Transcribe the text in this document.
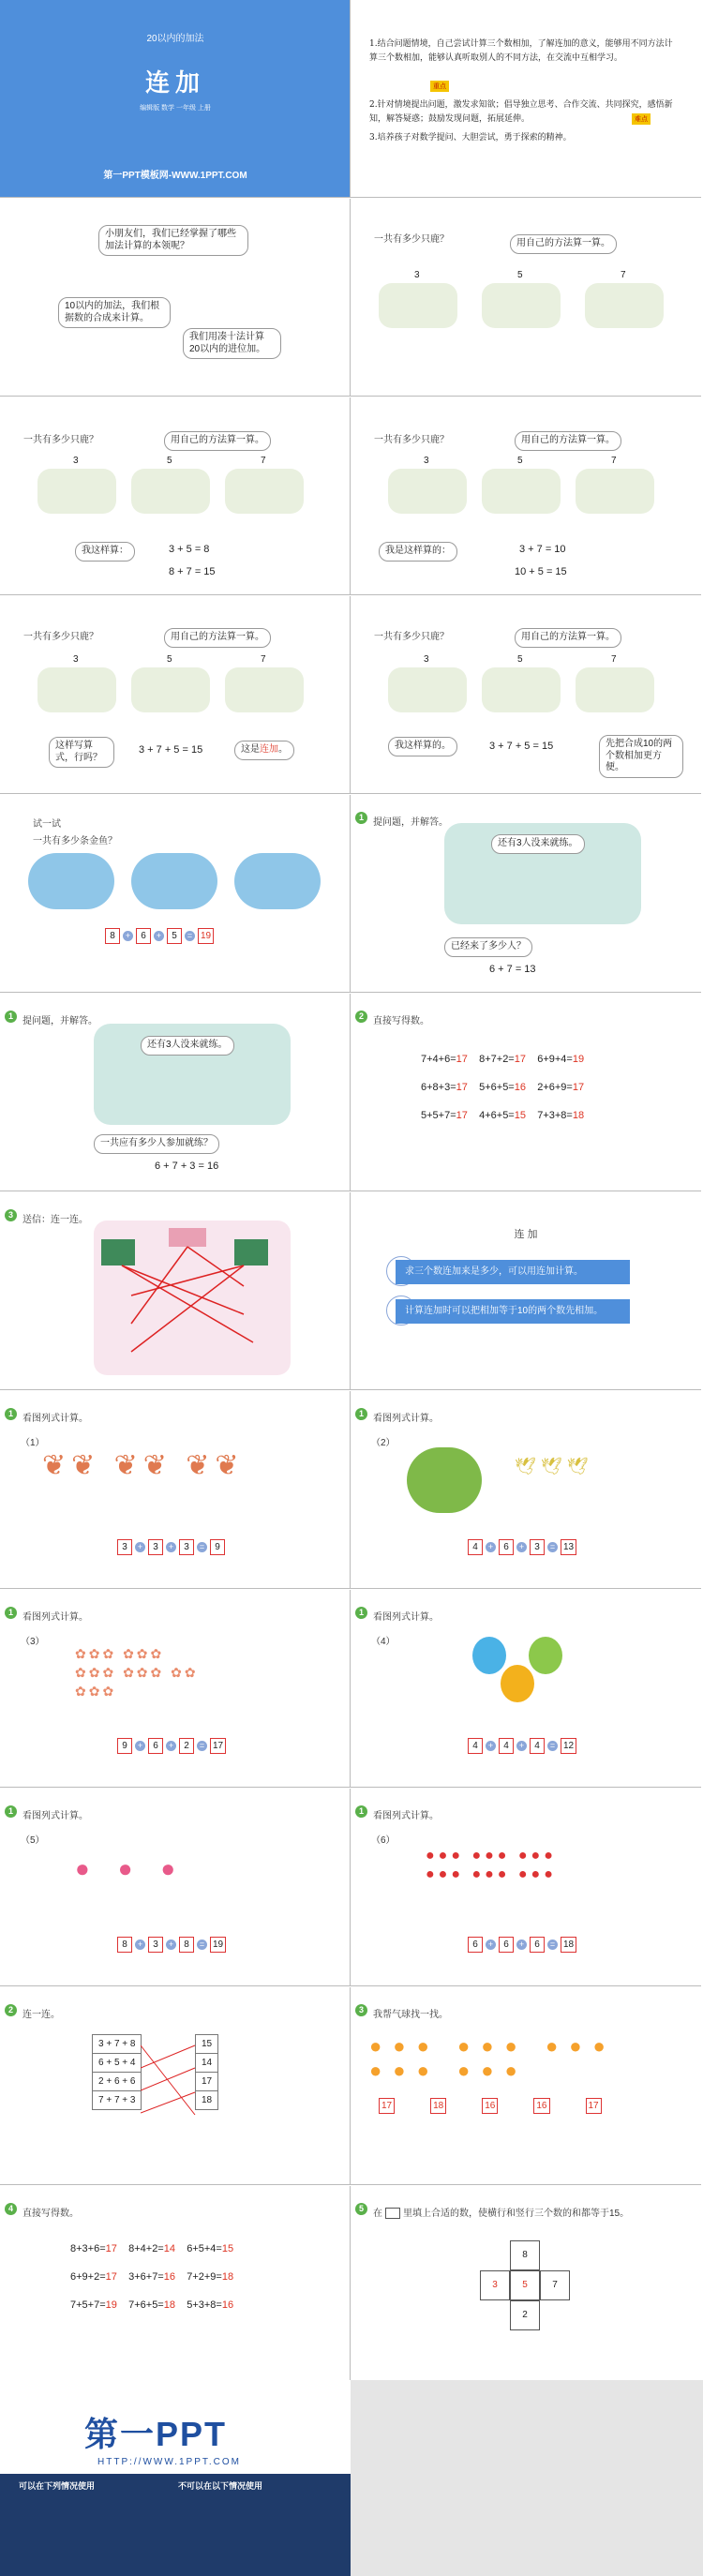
20以内的加法
连加
编辑版 数学 一年级 上册
第一PPT模板网-WWW.1PPT.COM
1.结合问题情境，自己尝试计算三个数相加，了解连加的意义，能够用不同方法计算三个数相加，能够认真听取别人的不同方法，在交流中互相学习。
2.针对情境提出问题，激发求知欲；倡导独立思考、合作交流、共同探究，感悟新知，解答疑惑；鼓励发现问题，拓展延伸。
3.培养孩子对数学提问、大胆尝试，勇于探索的精神。
重点
难点
小朋友们，我们已经掌握了哪些加法计算的本领呢？
10以内的加法，我们根据数的合成来计算。
我们用凑十法计算20以内的进位加。
一共有多少只鹿？	用自己的方法算一算。
3	5	7
一共有多少只鹿？	用自己的方法算一算。
3	5	7
我这样算：	3 + 5 = 8
8 + 7 = 15
一共有多少只鹿？	用自己的方法算一算。
3	5	7
我是这样算的：	3 + 7 = 10
10 + 5 = 15
一共有多少只鹿？	用自己的方法算一算。
3	5	7
这样写算式，行吗？
3 + 7 + 5 = 15	这是连加。
一共有多少只鹿？	用自己的方法算一算。
3	5	7
我这样算的。	3 + 7 + 5 = 15	先把合成10的两个数相加更方便。
试一试
一共有多少条金鱼？
8	+	6	+	5	= 19
1	提问题，并解答。
还有3人没来就练。
已经来了多少人？
6 + 7 = 13
1	提问题，并解答。
还有3人没来就练。
一共应有多少人参加就练？
6 + 7 + 3 = 16
2	直接写得数。
7+4+6=17 8+7+2=17 6+9+4=19
6+8+3=17 5+6+5=16 2+6+9=17
5+5+7=17 4+6+5=15 7+3+8=18
3	送信：连一连。
连 加
求三个数连加来是多少，可以用连加计算。
计算连加时可以把相加等于10的两个数先相加。
1	看图列式计算。
（1）
❦❦ ❦❦ ❦❦
3	+	3	+	3	=	9
1	看图列式计算。
（2）
🕊 🕊 🕊
4	+	6	+	3	= 13
1	看图列式计算。
（3）
✿✿✿ ✿✿✿
✿✿✿ ✿✿✿ ✿✿
✿✿✿
9	+	6	+	2	= 17
1	看图列式计算。
（4）
4	+	4	+	4	= 12
1	看图列式计算。
（5）
●●●
8	+	3	+	8	= 19
1	看图列式计算。
（6）
●●● ●●● ●●●
●●● ●●● ●●●
6	+	6	+	6	= 18
2	连一连。
3 + 7 + 8
6 + 5 + 4
2 + 6 + 6
7 + 7 + 3
15
14
17
18
3	我帮气球找一找。
●●● ●●● ●●● ●●● ●●●
17	18	16	16	17
4	直接写得数。
8+3+6=17 8+4+2=14 6+5+4=15
6+9+2=17 3+6+7=16 7+2+9=18
7+5+7=19 7+6+5=18 5+3+8=16
5	在 里填上合适的数，使横行和竖行三个数的和都等于15。
8
3	5	7
2
第一PPT
HTTP://WWW.1PPT.COM
可以在下列情况使用	不可以在以下情况使用
